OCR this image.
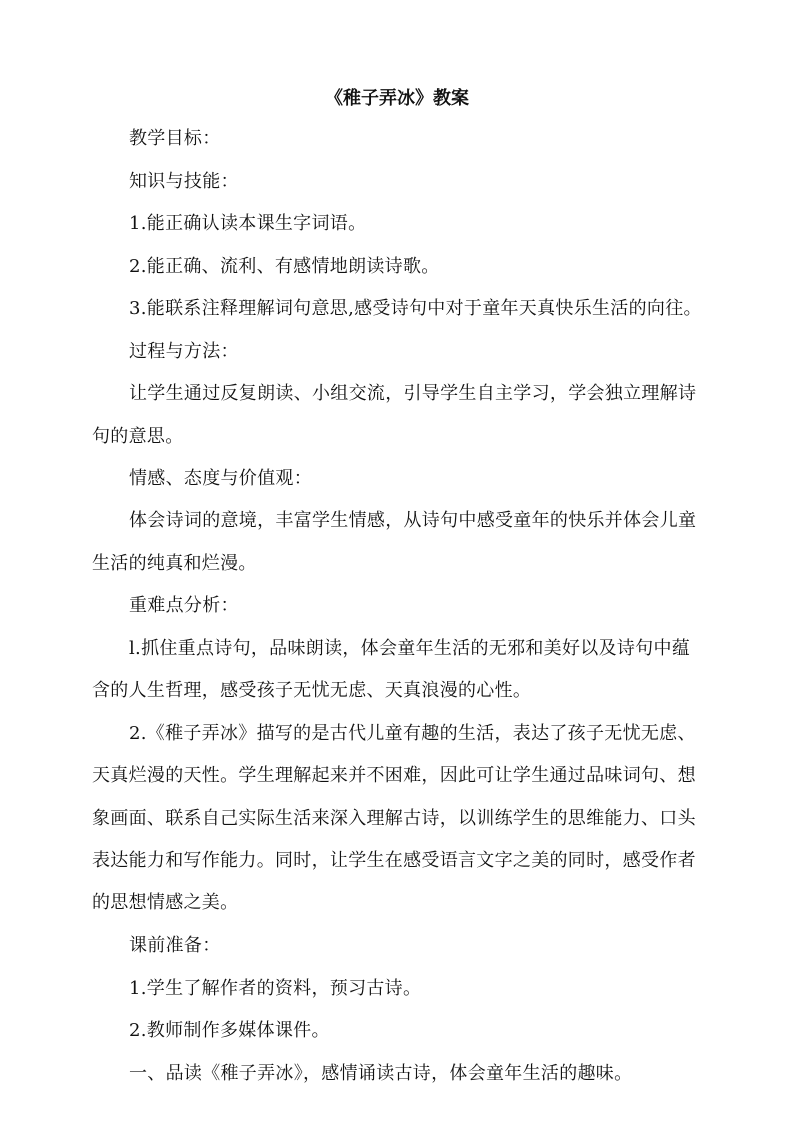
《稚子弄冰》教案
教学目标：
知识与技能：
1.能正确认读本课生字词语。
2.能正确、流利、有感情地朗读诗歌。
3.能联系注释理解词句意思,感受诗句中对于童年天真快乐生活的向往。
过程与方法：
让学生通过反复朗读、小组交流，引导学生自主学习，学会独立理解诗
句的意思。
情感、态度与价值观：
体会诗词的意境，丰富学生情感，从诗句中感受童年的快乐并体会儿童
生活的纯真和烂漫。
重难点分析：
l.抓住重点诗句，品味朗读，体会童年生活的无邪和美好以及诗句中蕴
含的人生哲理，感受孩子无忧无虑、天真浪漫的心性。
2.《稚子弄冰》描写的是古代儿童有趣的生活，表达了孩子无忧无虑、
天真烂漫的天性。学生理解起来并不困难，因此可让学生通过品味词句、想
象画面、联系自己实际生活来深入理解古诗，以训练学生的思维能力、口头
表达能力和写作能力。同时，让学生在感受语言文字之美的同时，感受作者
的思想情感之美。
课前准备：
1.学生了解作者的资料，预习古诗。
2.教师制作多媒体课件。
一、品读《稚子弄冰》，感情诵读古诗，体会童年生活的趣味。
